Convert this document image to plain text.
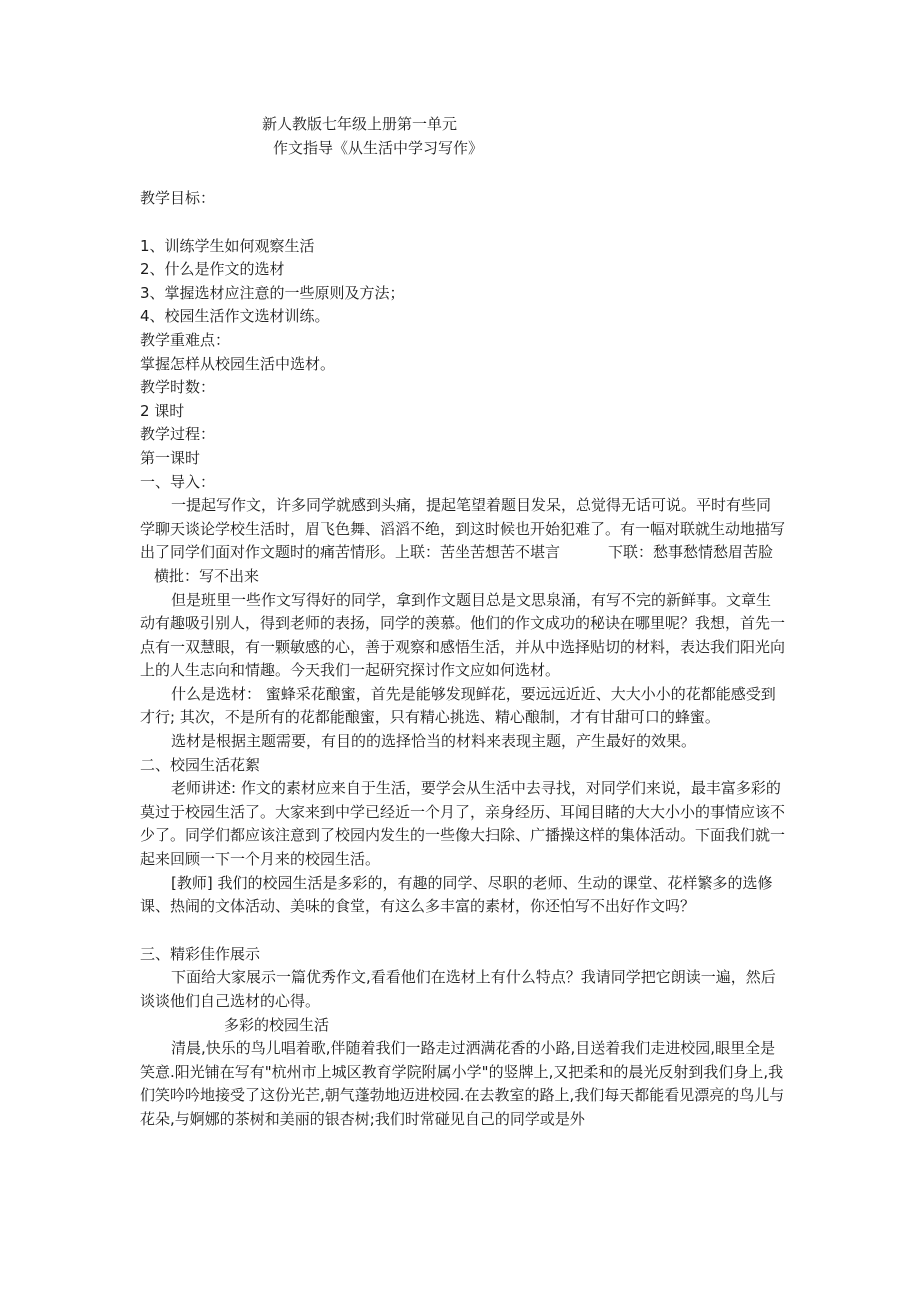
新人教版七年级上册第一单元
作文指导《从生活中学习写作》

教学目标：

1、训练学生如何观察生活

2、什么是作文的选材

3、掌握选材应注意的一些原则及方法；

4、校园生活作文选材训练。

教学重难点：

掌握怎样从校园生活中选材。

教学时数：

2 课时

教学过程：

第一课时

一、导入：

一提起写作文，许多同学就感到头痛，提起笔望着题目发呆，总觉得无话可说。平时有些同学聊天谈论学校生活时，眉飞色舞、滔滔不绝，到这时候也开始犯难了。有一幅对联就生动地描写出了同学们面对作文题时的痛苦情形。上联：苦坐苦想苦不堪言	下联：愁事愁情愁眉苦脸横批：写不出来

但是班里一些作文写得好的同学，拿到作文题目总是文思泉涌，有写不完的新鲜事。文章生动有趣吸引别人，得到老师的表扬，同学的羡慕。他们的作文成功的秘诀在哪里呢？我想，首先一点有一双慧眼，有一颗敏感的心，善于观察和感悟生活，并从中选择贴切的材料，表达我们阳光向上的人生志向和情趣。今天我们一起研究探讨作文应如何选材。

什么是选材： 蜜蜂采花酿蜜，首先是能够发现鲜花，要远远近近、大大小小的花都能感受到才行; 其次，不是所有的花都能酿蜜，只有精心挑选、精心酿制，才有甘甜可口的蜂蜜。

选材是根据主题需要，有目的的选择恰当的材料来表现主题，产生最好的效果。

二、校园生活花絮

老师讲述: 作文的素材应来自于生活，要学会从生活中去寻找，对同学们来说，最丰富多彩的莫过于校园生活了。大家来到中学已经近一个月了，亲身经历、耳闻目睹的大大小小的事情应该不少了。同学们都应该注意到了校园内发生的一些像大扫除、广播操这样的集体活动。下面我们就一起来回顾一下一个月来的校园生活。

[教师] 我们的校园生活是多彩的，有趣的同学、尽职的老师、生动的课堂、花样繁多的选修课、热闹的文体活动、美味的食堂，有这么多丰富的素材，你还怕写不出好作文吗？

三、精彩佳作展示

下面给大家展示一篇优秀作文,看看他们在选材上有什么特点？我请同学把它朗读一遍，然后谈谈他们自己选材的心得。

多彩的校园生活

清晨,快乐的鸟儿唱着歌,伴随着我们一路走过洒满花香的小路,目送着我们走进校园,眼里全是笑意.阳光铺在写有"杭州市上城区教育学院附属小学"的竖牌上,又把柔和的晨光反射到我们身上,我们笑吟吟地接受了这份光芒,朝气蓬勃地迈进校园.在去教室的路上,我们每天都能看见漂亮的鸟儿与花朵,与婀娜的茶树和美丽的银杏树;我们时常碰见自己的同学或是外
